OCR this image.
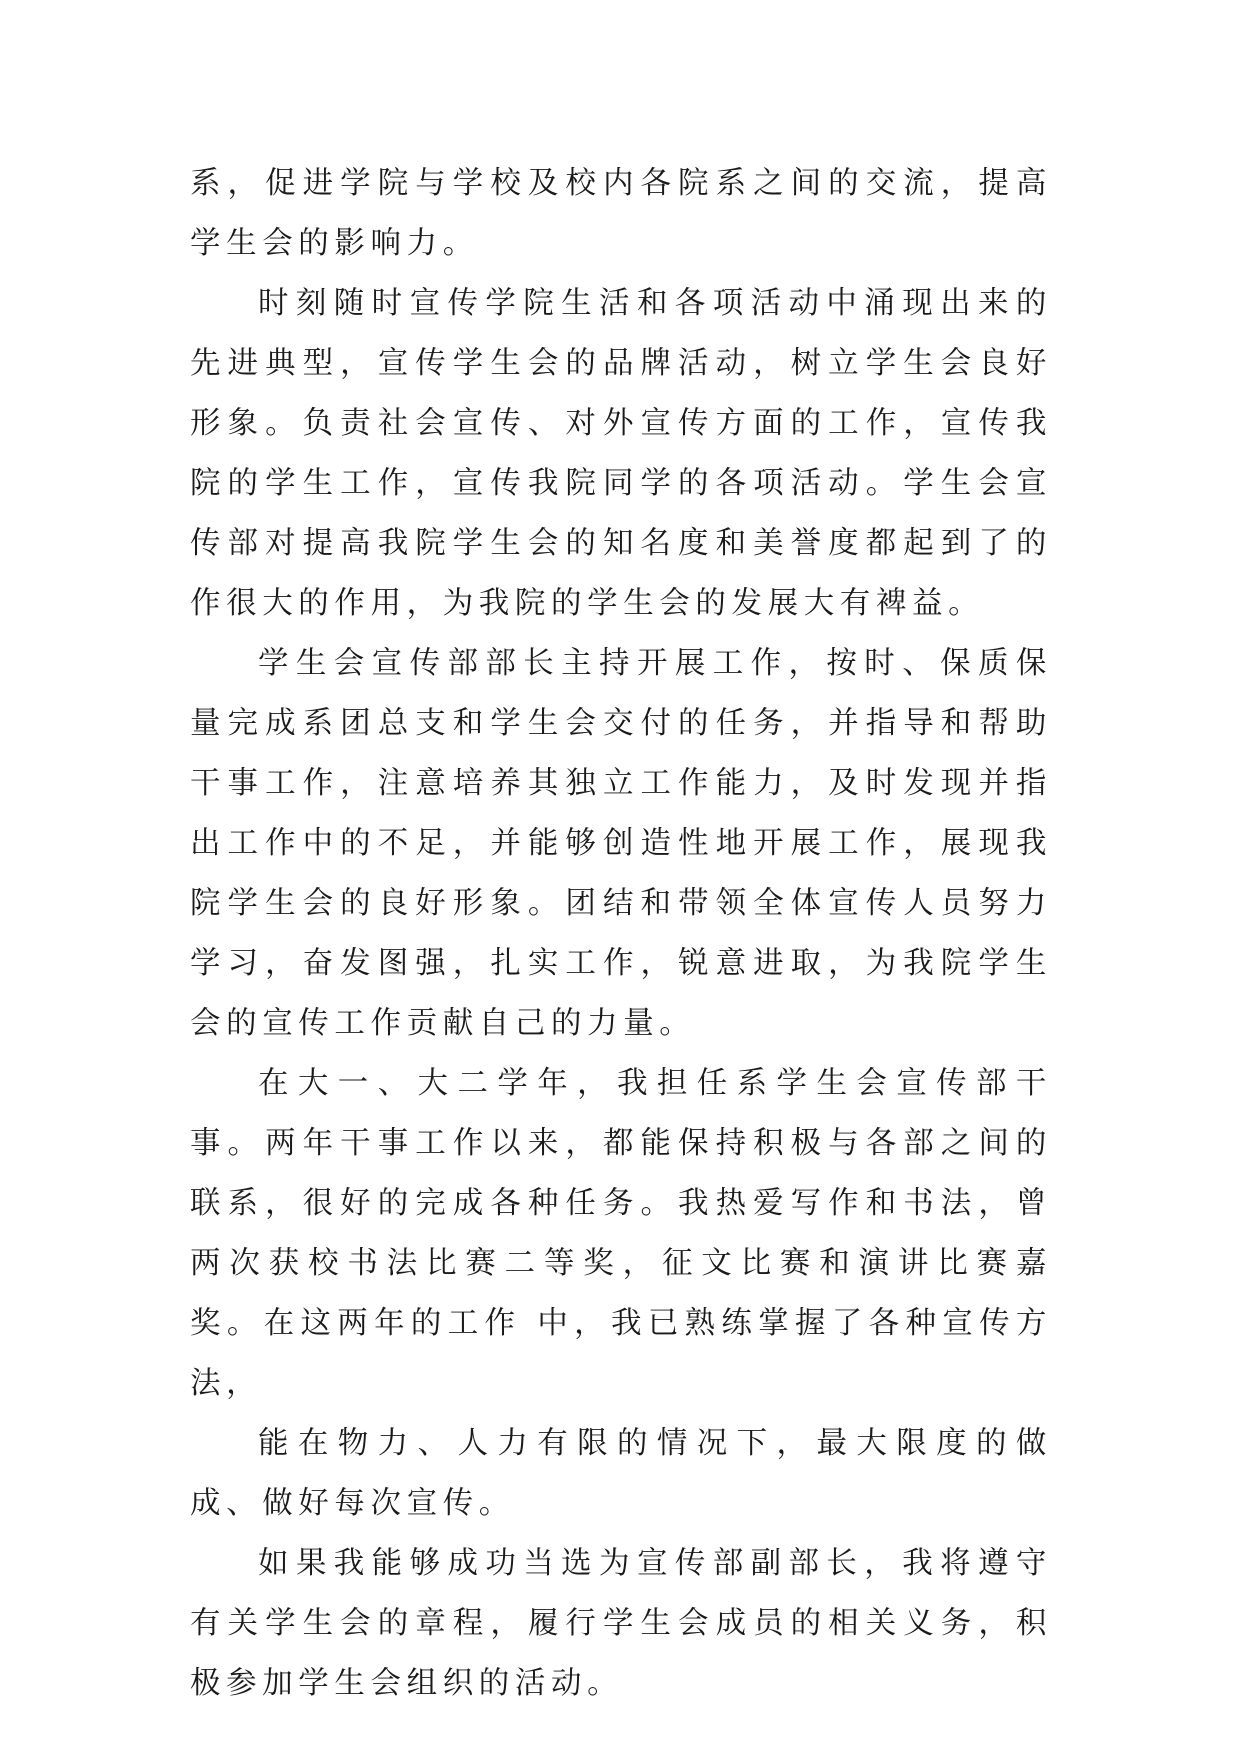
系，促进学院与学校及校内各院系之间的交流，提高学生会的影响力。

时刻随时宣传学院生活和各项活动中涌现出来的先进典型，宣传学生会的品牌活动，树立学生会良好形象。负责社会宣传、对外宣传方面的工作，宣传我院的学生工作，宣传我院同学的各项活动。学生会宣传部对提高我院学生会的知名度和美誉度都起到了的作很大的作用，为我院的学生会的发展大有裨益。

学生会宣传部部长主持开展工作，按时、保质保量完成系团总支和学生会交付的任务，并指导和帮助干事工作，注意培养其独立工作能力，及时发现并指出工作中的不足，并能够创造性地开展工作，展现我院学生会的良好形象。团结和带领全体宣传人员努力学习，奋发图强，扎实工作，锐意进取，为我院学生会的宣传工作贡献自己的力量。

在大一、大二学年，我担任系学生会宣传部干事。两年干事工作以来，都能保持积极与各部之间的联系，很好的完成各种任务。我热爱写作和书法，曾两次获校书法比赛二等奖，征文比赛和演讲比赛嘉奖。在这两年的工作 中，我已熟练掌握了各种宣传方法，

能在物力、人力有限的情况下，最大限度的做成、做好每次宣传。

如果我能够成功当选为宣传部副部长，我将遵守有关学生会的章程，履行学生会成员的相关义务，积极参加学生会组织的活动。
